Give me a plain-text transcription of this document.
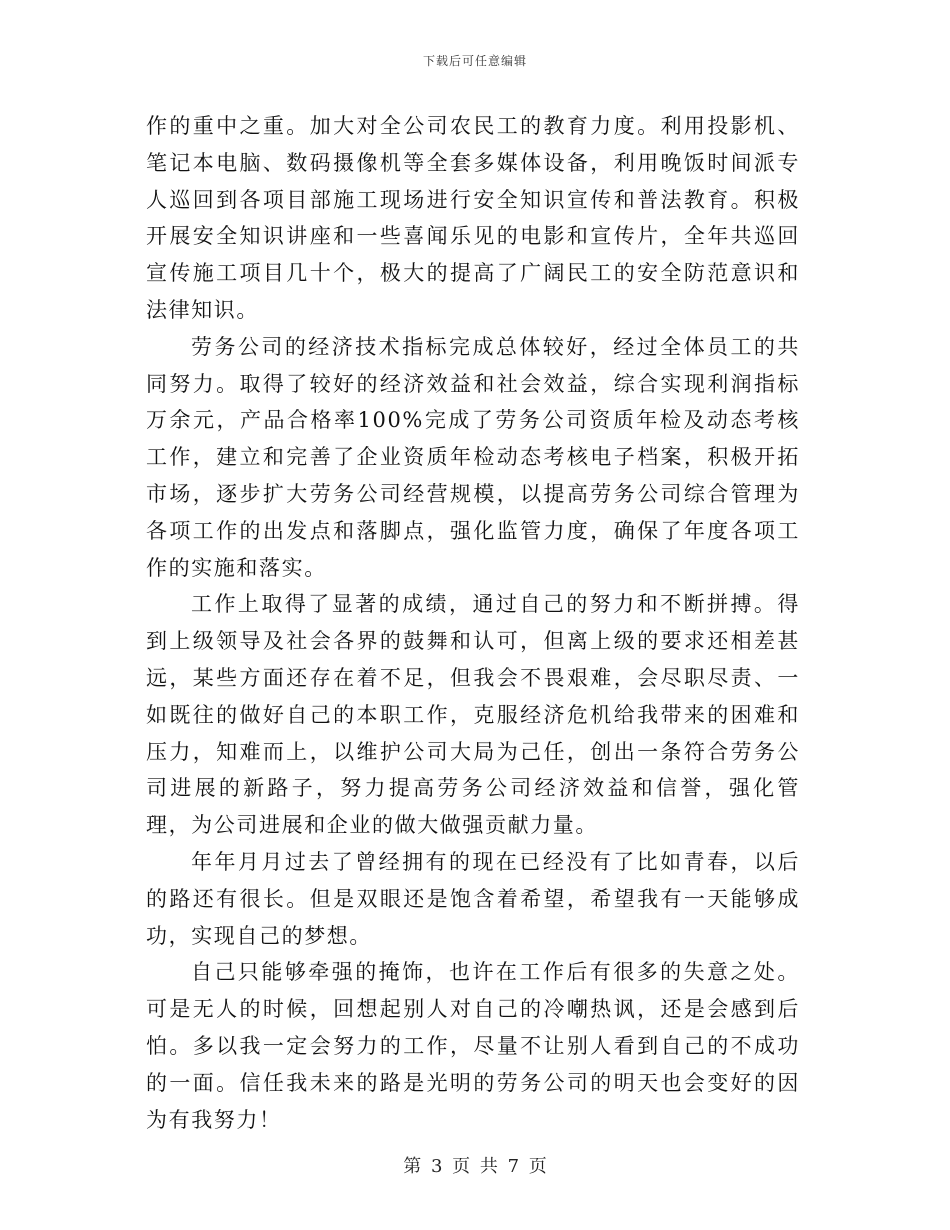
下载后可任意编辑

作的重中之重。加大对全公司农民工的教育力度。利用投影机、笔记本电脑、数码摄像机等全套多媒体设备，利用晚饭时间派专人巡回到各项目部施工现场进行安全知识宣传和普法教育。积极开展安全知识讲座和一些喜闻乐见的电影和宣传片，全年共巡回宣传施工项目几十个，极大的提高了广阔民工的安全防范意识和法律知识。

劳务公司的经济技术指标完成总体较好，经过全体员工的共同努力。取得了较好的经济效益和社会效益，综合实现利润指标万余元，产品合格率100%完成了劳务公司资质年检及动态考核工作，建立和完善了企业资质年检动态考核电子档案，积极开拓市场，逐步扩大劳务公司经营规模，以提高劳务公司综合管理为各项工作的出发点和落脚点，强化监管力度，确保了年度各项工作的实施和落实。

工作上取得了显著的成绩，通过自己的努力和不断拼搏。得到上级领导及社会各界的鼓舞和认可，但离上级的要求还相差甚远，某些方面还存在着不足，但我会不畏艰难，会尽职尽责、一如既往的做好自己的本职工作，克服经济危机给我带来的困难和压力，知难而上，以维护公司大局为己任，创出一条符合劳务公司进展的新路子，努力提高劳务公司经济效益和信誉，强化管理，为公司进展和企业的做大做强贡献力量。

年年月月过去了曾经拥有的现在已经没有了比如青春，以后的路还有很长。但是双眼还是饱含着希望，希望我有一天能够成功，实现自己的梦想。

自己只能够牵强的掩饰，也许在工作后有很多的失意之处。可是无人的时候，回想起别人对自己的冷嘲热讽，还是会感到后怕。多以我一定会努力的工作，尽量不让别人看到自己的不成功的一面。信任我未来的路是光明的劳务公司的明天也会变好的因为有我努力！

第 3 页 共 7 页
